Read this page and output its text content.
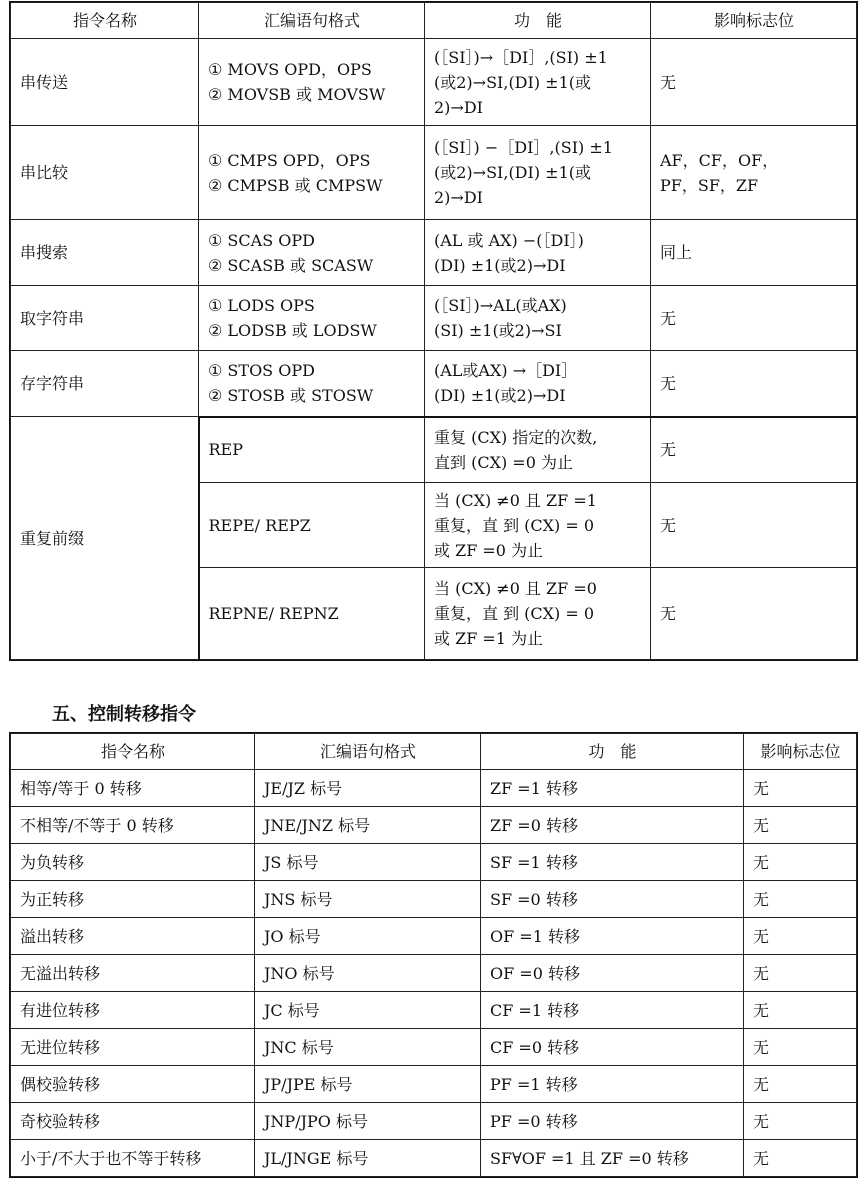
指令名称	汇编语句格式	功　能	影响标志位
串传送	① MOVS OPD，OPS
② MOVSB 或 MOVSW	(［SI］)→［DI］,(SI) ±1
(或2)→SI,(DI) ±1(或
2)→DI	无
串比较	① CMPS OPD，OPS
② CMPSB 或 CMPSW	(［SI］) −［DI］,(SI) ±1
(或2)→SI,(DI) ±1(或
2)→DI	AF，CF，OF，
PF，SF，ZF

串搜索	① SCAS OPD
② SCASB 或 SCASW	(AL 或 AX) −(［DI］)
(DI) ±1(或2)→DI	同上
取字符串	① LODS OPS
② LODSB 或 LODSW	(［SI］)→AL(或AX)
(SI) ±1(或2)→SI	无
存字符串	① STOS OPD
② STOSB 或 STOSW	(AL或AX) →［DI］
(DI) ±1(或2)→DI	无
重复前缀	REP	重复 (CX) 指定的次数,
直到 (CX) =0 为止	无
	REPE/ REPZ	当 (CX) ≠0 且 ZF =1
重复，直 到 (CX) = 0
或 ZF =0 为止	无
	REPNE/ REPNZ	当 (CX) ≠0 且 ZF =0
重复，直 到 (CX) = 0
或 ZF =1 为止	无
五、控制转移指令
指令名称	汇编语句格式	功　能	影响标志位
相等/等于 0 转移	JE/JZ 标号	ZF =1 转移	无
不相等/不等于 0 转移	JNE/JNZ 标号	ZF =0 转移	无
为负转移	JS 标号	SF =1 转移	无
为正转移	JNS 标号	SF =0 转移	无
溢出转移	JO 标号	OF =1 转移	无
无溢出转移	JNO 标号	OF =0 转移	无
有进位转移	JC 标号	CF =1 转移	无
无进位转移	JNC 标号	CF =0 转移	无
偶校验转移	JP/JPE 标号	PF =1 转移	无
奇校验转移	JNP/JPO 标号	PF =0 转移	无
小于/不大于也不等于转移	JL/JNGE 标号	SF∀OF =1 且 ZF =0 转移	无
